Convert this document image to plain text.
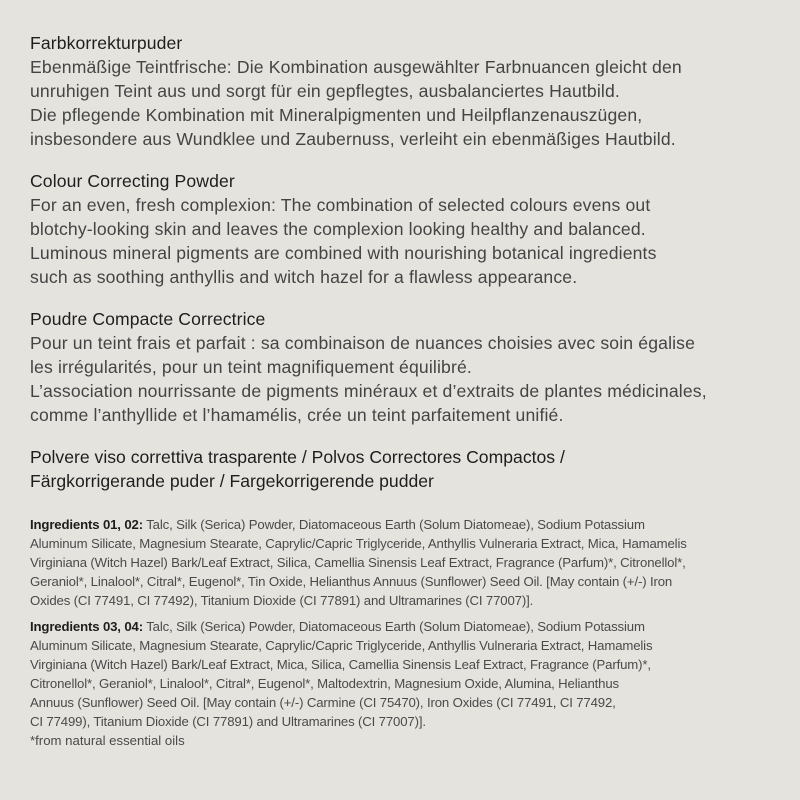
Farbkorrekturpuder

Ebenmäßige Teintfrische: Die Kombination ausgewählter Farbnuancen gleicht den

unruhigen Teint aus und sorgt für ein gepflegtes, ausbalanciertes Hautbild.

Die pflegende Kombination mit Mineralpigmenten und Heilpflanzenauszügen,

insbesondere aus Wundklee und Zaubernuss, verleiht ein ebenmäßiges Hautbild.

Colour Correcting Powder

For an even, fresh complexion: The combination of selected colours evens out

blotchy-looking skin and leaves the complexion looking healthy and balanced.

Luminous mineral pigments are combined with nourishing botanical ingredients

such as soothing anthyllis and witch hazel for a flawless appearance.

Poudre Compacte Correctrice

Pour un teint frais et parfait : sa combinaison de nuances choisies avec soin égalise

les irrégularités, pour un teint magnifiquement équilibré.

L’association nourrissante de pigments minéraux et d’extraits de plantes médicinales,

comme l’anthyllide et l’hamamélis, crée un teint parfaitement unifié.

Polvere viso correttiva trasparente / Polvos Correctores Compactos /

Färgkorrigerande puder / Fargekorrigerende pudder

Ingredients 01, 02: Talc, Silk (Serica) Powder, Diatomaceous Earth (Solum Diatomeae), Sodium Potassium

Aluminum Silicate, Magnesium Stearate, Caprylic/Capric Triglyceride, Anthyllis Vulneraria Extract, Mica, Hamamelis

Virginiana (Witch Hazel) Bark/Leaf Extract, Silica, Camellia Sinensis Leaf Extract, Fragrance (Parfum)*, Citronellol*,

Geraniol*, Linalool*, Citral*, Eugenol*, Tin Oxide, Helianthus Annuus (Sunflower) Seed Oil. [May contain (+/-) Iron

Oxides (CI 77491, CI 77492), Titanium Dioxide (CI 77891) and Ultramarines (CI 77007)].

Ingredients 03, 04: Talc, Silk (Serica) Powder, Diatomaceous Earth (Solum Diatomeae), Sodium Potassium

Aluminum Silicate, Magnesium Stearate, Caprylic/Capric Triglyceride, Anthyllis Vulneraria Extract, Hamamelis

Virginiana (Witch Hazel) Bark/Leaf Extract, Mica, Silica, Camellia Sinensis Leaf Extract, Fragrance (Parfum)*,

Citronellol*, Geraniol*, Linalool*, Citral*, Eugenol*, Maltodextrin, Magnesium Oxide, Alumina, Helianthus

Annuus (Sunflower) Seed Oil. [May contain (+/-) Carmine (CI 75470), Iron Oxides (CI 77491, CI 77492,

CI 77499), Titanium Dioxide (CI 77891) and Ultramarines (CI 77007)].

*from natural essential oils
